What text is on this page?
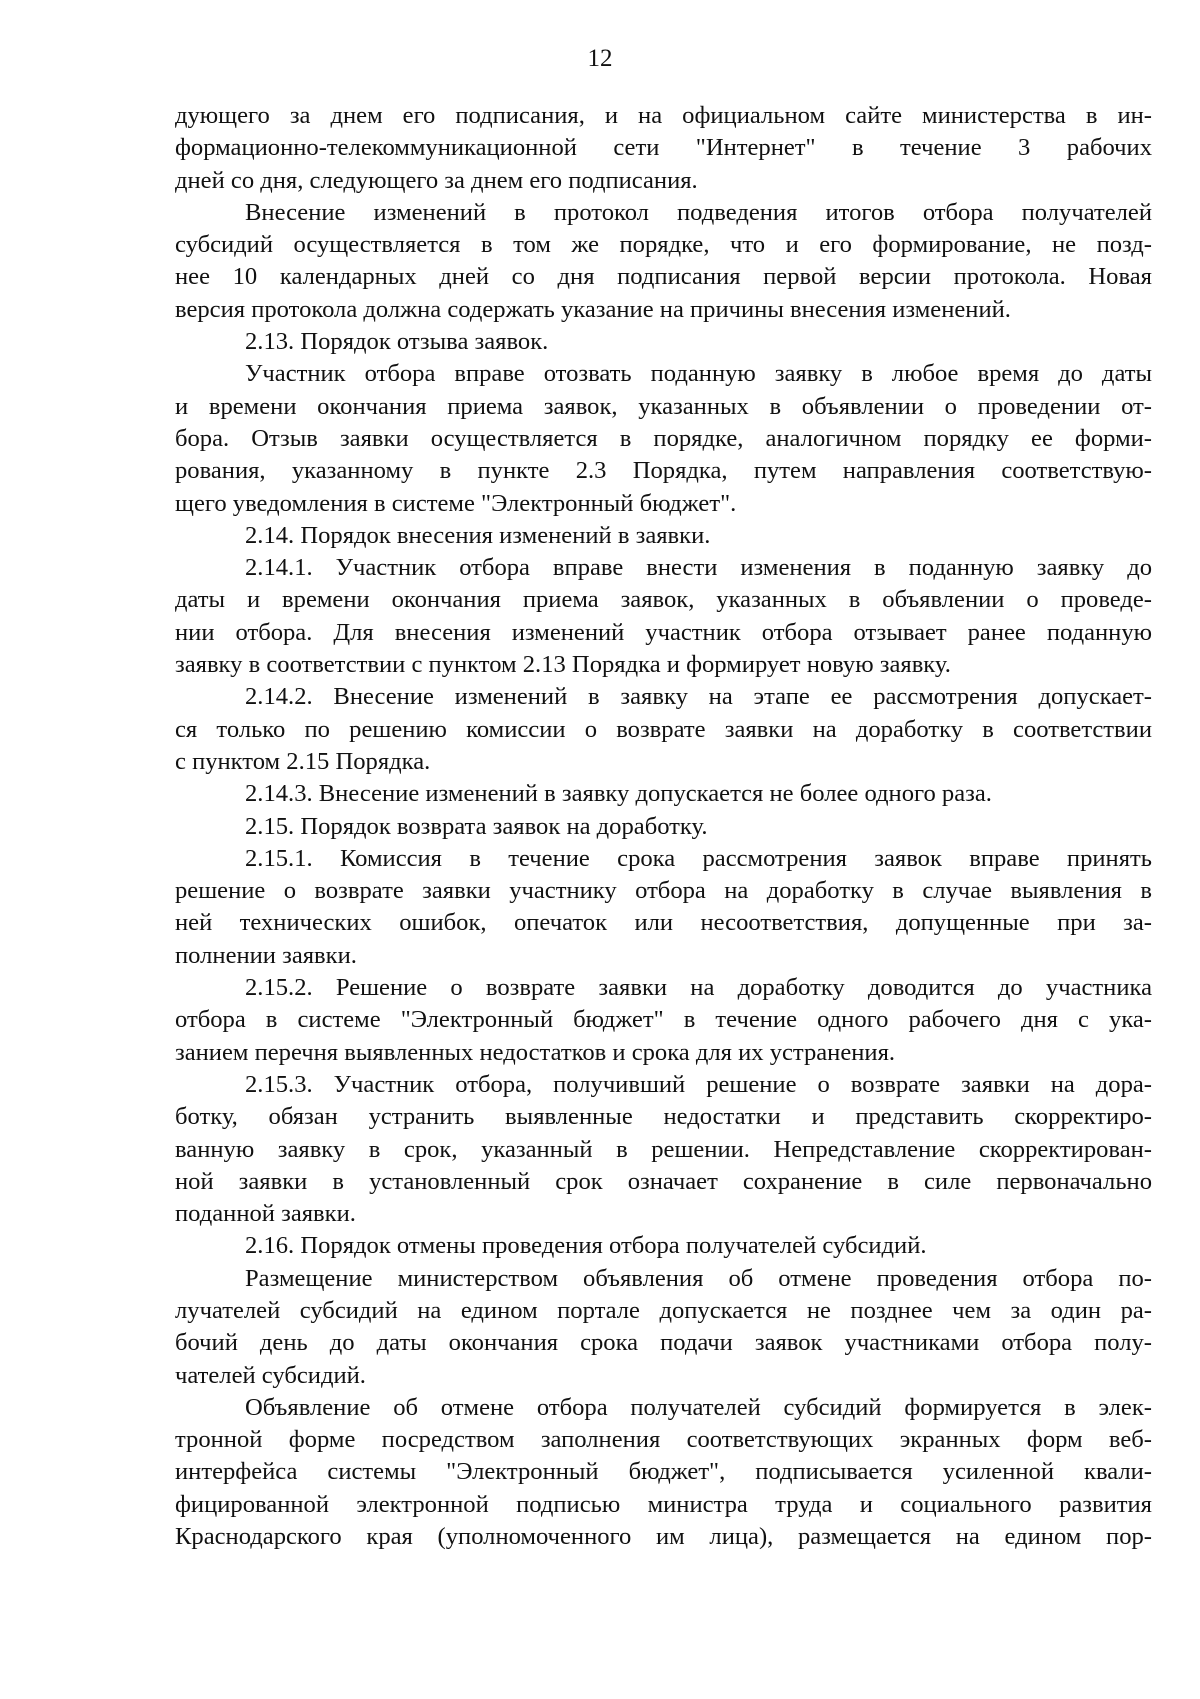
12
дующего за днем его подписания, и на официальном сайте министерства в ин-
формационно-телекоммуникационной сети "Интернет" в течение 3 рабочих
дней со дня, следующего за днем его подписания.
Внесение изменений в протокол подведения итогов отбора получателей
субсидий осуществляется в том же порядке, что и его формирование, не позд-
нее 10 календарных дней со дня подписания первой версии протокола. Новая
версия протокола должна содержать указание на причины внесения изменений.
2.13. Порядок отзыва заявок.
Участник отбора вправе отозвать поданную заявку в любое время до даты
и времени окончания приема заявок, указанных в объявлении о проведении от-
бора. Отзыв заявки осуществляется в порядке, аналогичном порядку ее форми-
рования, указанному в пункте 2.3 Порядка, путем направления соответствую-
щего уведомления в системе "Электронный бюджет".
2.14. Порядок внесения изменений в заявки.
2.14.1. Участник отбора вправе внести изменения в поданную заявку до
даты и времени окончания приема заявок, указанных в объявлении о проведе-
нии отбора. Для внесения изменений участник отбора отзывает ранее поданную
заявку в соответствии с пунктом 2.13 Порядка и формирует новую заявку.
2.14.2. Внесение изменений в заявку на этапе ее рассмотрения допускает-
ся только по решению комиссии о возврате заявки на доработку в соответствии
с пунктом 2.15 Порядка.
2.14.3. Внесение изменений в заявку допускается не более одного раза.
2.15. Порядок возврата заявок на доработку.
2.15.1. Комиссия в течение срока рассмотрения заявок вправе принять
решение о возврате заявки участнику отбора на доработку в случае выявления в
ней технических ошибок, опечаток или несоответствия, допущенные при за-
полнении заявки.
2.15.2. Решение о возврате заявки на доработку доводится до участника
отбора в системе "Электронный бюджет" в течение одного рабочего дня с ука-
занием перечня выявленных недостатков и срока для их устранения.
2.15.3. Участник отбора, получивший решение о возврате заявки на дора-
ботку, обязан устранить выявленные недостатки и представить скорректиро-
ванную заявку в срок, указанный в решении. Непредставление скорректирован-
ной заявки в установленный срок означает сохранение в силе первоначально
поданной заявки.
2.16. Порядок отмены проведения отбора получателей субсидий.
Размещение министерством объявления об отмене проведения отбора по-
лучателей субсидий на едином портале допускается не позднее чем за один ра-
бочий день до даты окончания срока подачи заявок участниками отбора полу-
чателей субсидий.
Объявление об отмене отбора получателей субсидий формируется в элек-
тронной форме посредством заполнения соответствующих экранных форм веб-
интерфейса системы "Электронный бюджет", подписывается усиленной квали-
фицированной электронной подписью министра труда и социального развития
Краснодарского края (уполномоченного им лица), размещается на едином пор-
